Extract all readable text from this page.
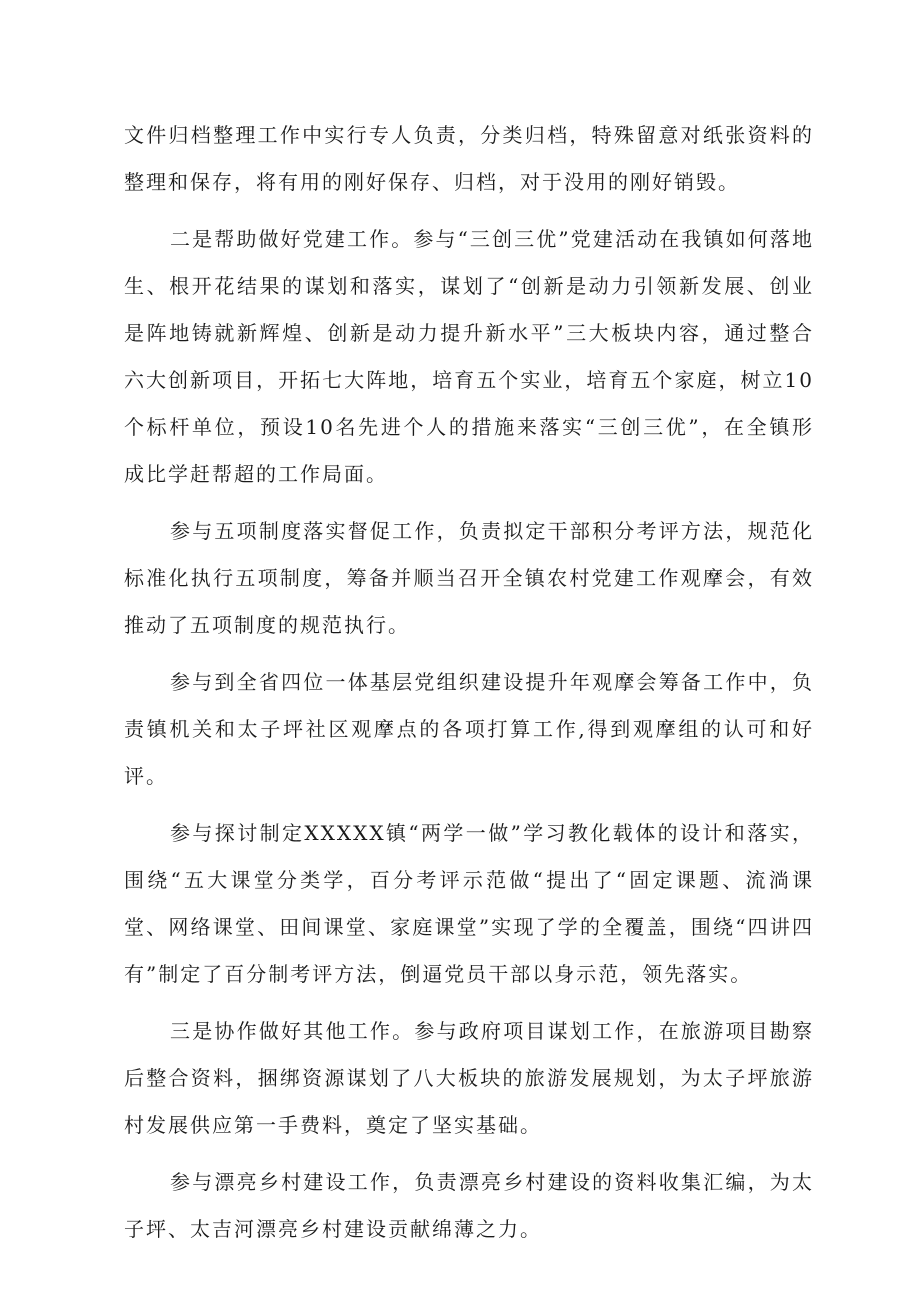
文件归档整理工作中实行专人负责，分类归档，特殊留意对纸张资料的整理和保存，将有用的刚好保存、归档，对于没用的刚好销毁。

二是帮助做好党建工作。参与“三创三优”党建活动在我镇如何落地生、根开花结果的谋划和落实，谋划了“创新是动力引领新发展、创业是阵地铸就新辉煌、创新是动力提升新水平”三大板块内容，通过整合六大创新项目，开拓七大阵地，培育五个实业，培育五个家庭，树立10个标杆单位，预设10名先进个人的措施来落实“三创三优”，在全镇形成比学赶帮超的工作局面。

参与五项制度落实督促工作，负责拟定干部积分考评方法，规范化标准化执行五项制度，筹备并顺当召开全镇农村党建工作观摩会，有效推动了五项制度的规范执行。

参与到全省四位一体基层党组织建设提升年观摩会筹备工作中，负责镇机关和太子坪社区观摩点的各项打算工作,得到观摩组的认可和好评。

参与探讨制定XXXXX镇“两学一做”学习教化载体的设计和落实，围绕“五大课堂分类学，百分考评示范做“提出了“固定课题、流淌课堂、网络课堂、田间课堂、家庭课堂”实现了学的全覆盖，围绕“四讲四有”制定了百分制考评方法，倒逼党员干部以身示范，领先落实。

三是协作做好其他工作。参与政府项目谋划工作，在旅游项目勘察后整合资料，捆绑资源谋划了八大板块的旅游发展规划，为太子坪旅游村发展供应第一手费料，奠定了坚实基础。

参与漂亮乡村建设工作，负责漂亮乡村建设的资料收集汇编，为太子坪、太吉河漂亮乡村建设贡献绵薄之力。
